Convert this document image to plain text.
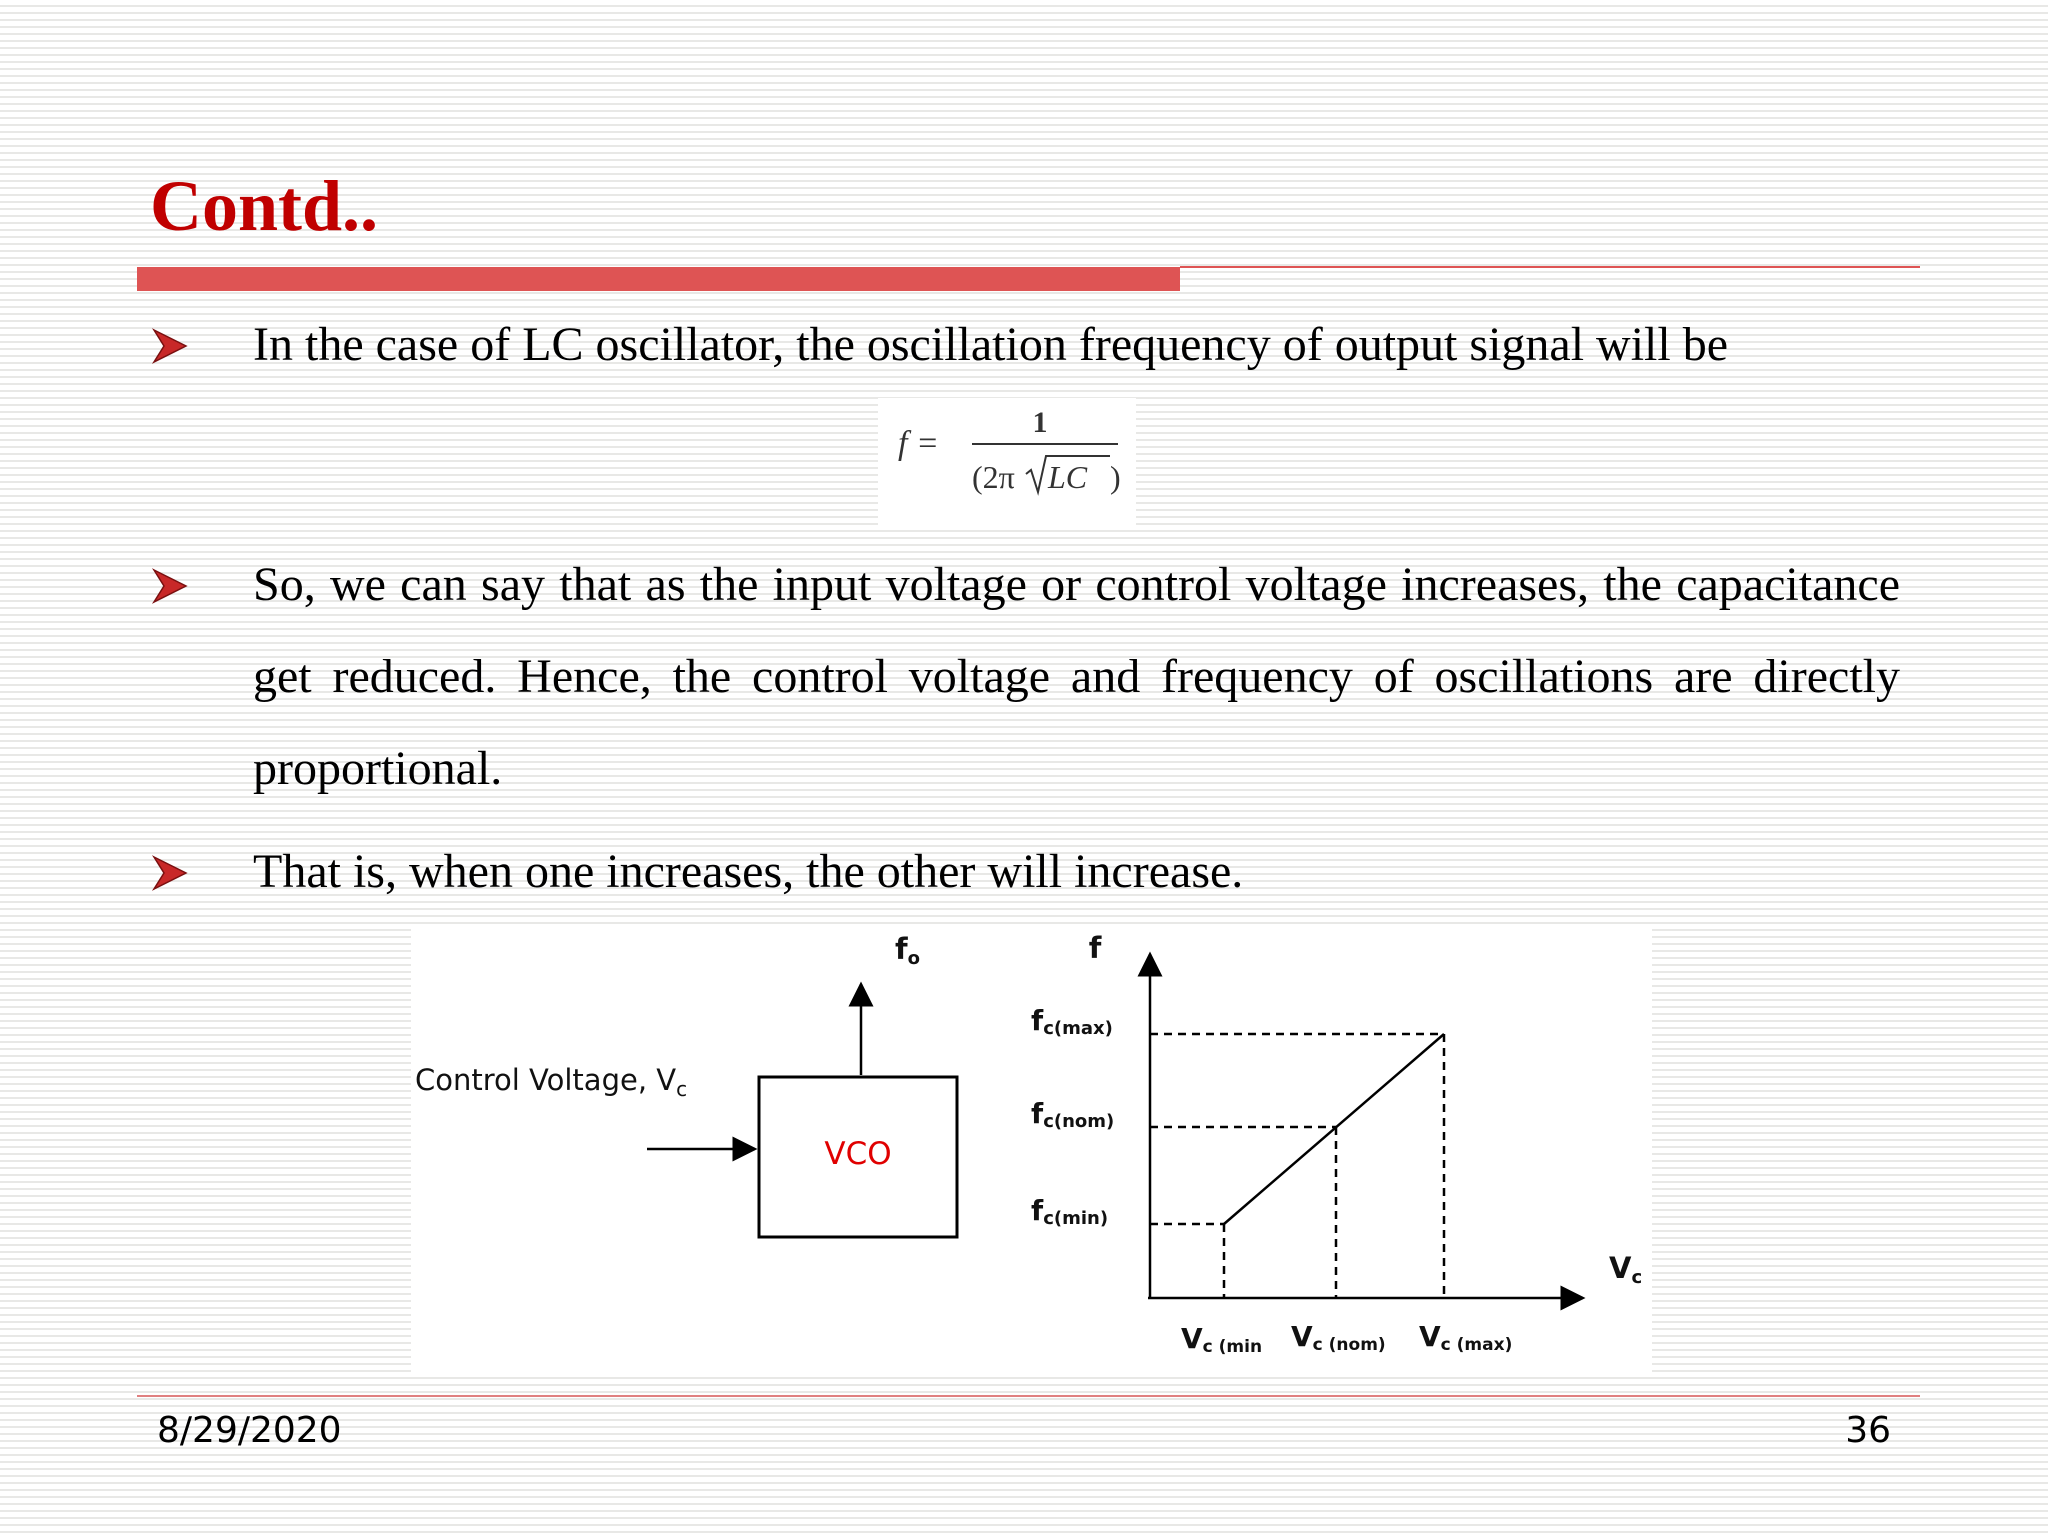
Contd..
In the case of LC oscillator, the oscillation frequency of output signal will be
f =
1
(2π LC )
So, we can say that as the input voltage or control voltage increases, the capacitance get reduced. Hence, the control voltage and frequency of oscillations are directly proportional.
That is, when one increases, the other will increase.
Control Voltage, $V_c$
VCO
fo	f
Vc
fc(max)
fc(nom)
fc(min)
Vc (min Vc (nom) Vc (max)
8/29/2020	36
